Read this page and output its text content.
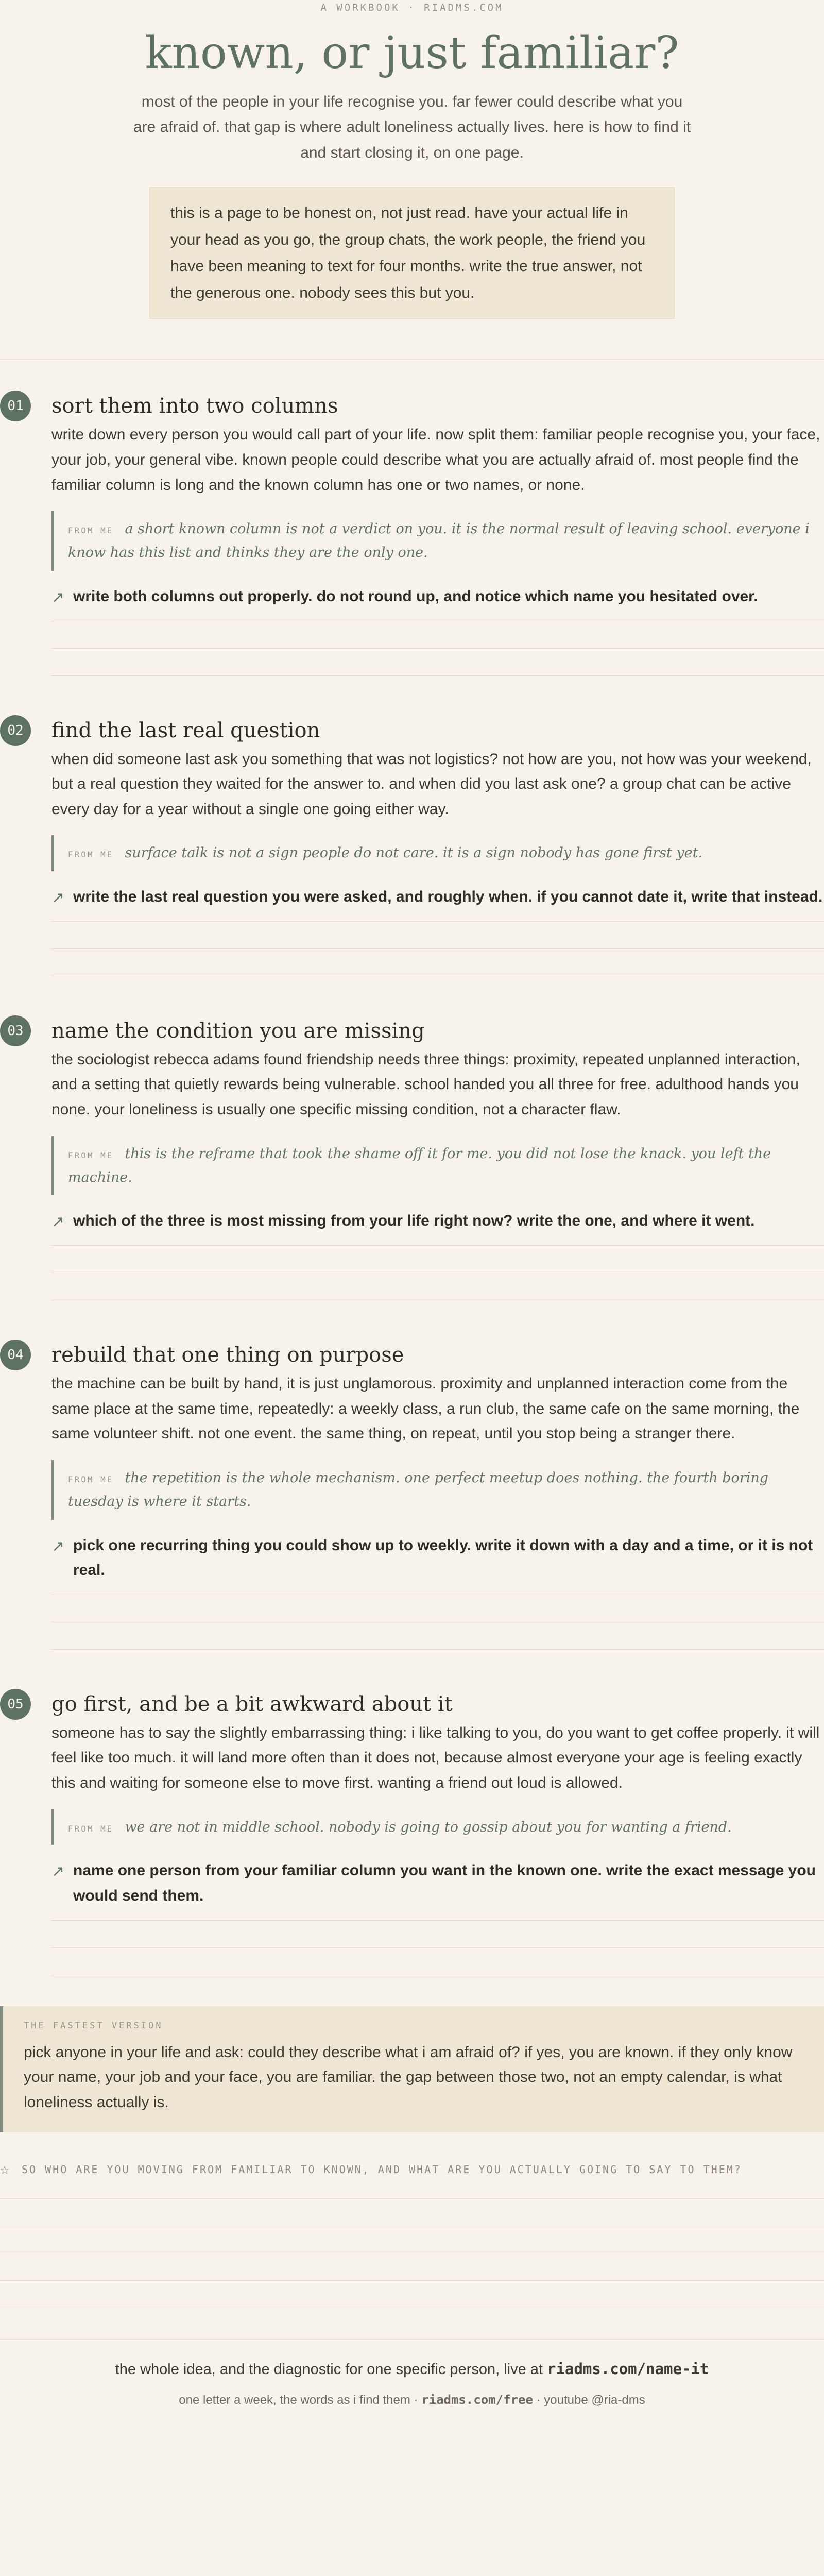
A WORKBOOK · RIADMS.COM
known, or just familiar?
most of the people in your life recognise you. far fewer could describe what you are afraid of. that gap is where adult loneliness actually lives. here is how to find it and start closing it, on one page.
this is a page to be honest on, not just read. have your actual life in your head as you go, the group chats, the work people, the friend you have been meaning to text for four months. write the true answer, not the generous one. nobody sees this but you.
01	sort them into two columns
write down every person you would call part of your life. now split them: familiar people recognise you, your face, your job, your general vibe. known people could describe what you are actually afraid of. most people find the familiar column is long and the known column has one or two names, or none.
FROM ME a short known column is not a verdict on you. it is the normal result of leaving school. everyone i know has this list and thinks they are the only one.
↗ write both columns out properly. do not round up, and notice which name you hesitated over.
02	find the last real question
when did someone last ask you something that was not logistics? not how are you, not how was your weekend, but a real question they waited for the answer to. and when did you last ask one? a group chat can be active every day for a year without a single one going either way.
FROM ME surface talk is not a sign people do not care. it is a sign nobody has gone first yet.
↗ write the last real question you were asked, and roughly when. if you cannot date it, write that instead.
03	name the condition you are missing
the sociologist rebecca adams found friendship needs three things: proximity, repeated unplanned interaction, and a setting that quietly rewards being vulnerable. school handed you all three for free. adulthood hands you none. your loneliness is usually one specific missing condition, not a character flaw.
FROM ME this is the reframe that took the shame off it for me. you did not lose the knack. you left the machine.
↗ which of the three is most missing from your life right now? write the one, and where it went.
04	rebuild that one thing on purpose
the machine can be built by hand, it is just unglamorous. proximity and unplanned interaction come from the same place at the same time, repeatedly: a weekly class, a run club, the same cafe on the same morning, the same volunteer shift. not one event. the same thing, on repeat, until you stop being a stranger there.
FROM ME the repetition is the whole mechanism. one perfect meetup does nothing. the fourth boring tuesday is where it starts.
↗ pick one recurring thing you could show up to weekly. write it down with a day and a time, or it is not real.
05	go first, and be a bit awkward about it
someone has to say the slightly embarrassing thing: i like talking to you, do you want to get coffee properly. it will feel like too much. it will land more often than it does not, because almost everyone your age is feeling exactly this and waiting for someone else to move first. wanting a friend out loud is allowed.
FROM ME we are not in middle school. nobody is going to gossip about you for wanting a friend.
↗ name one person from your familiar column you want in the known one. write the exact message you would send them.
THE FASTEST VERSION
pick anyone in your life and ask: could they describe what i am afraid of? if yes, you are known. if they only know your name, your job and your face, you are familiar. the gap between those two, not an empty calendar, is what loneliness actually is.
☆ SO WHO ARE YOU MOVING FROM FAMILIAR TO KNOWN, AND WHAT ARE YOU ACTUALLY GOING TO SAY TO THEM?
the whole idea, and the diagnostic for one specific person, live at riadms.com/name-it
one letter a week, the words as i find them · riadms.com/free · youtube @ria-dms
